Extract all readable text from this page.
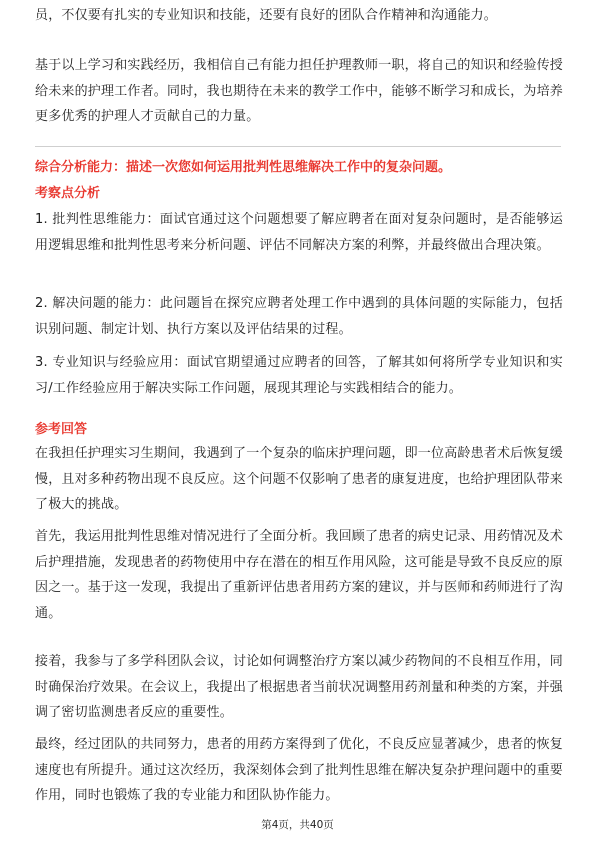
员，不仅要有扎实的专业知识和技能，还要有良好的团队合作精神和沟通能力。

基于以上学习和实践经历，我相信自己有能力担任护理教师一职，将自己的知识和经验传授给未来的护理工作者。同时，我也期待在未来的教学工作中，能够不断学习和成长，为培养更多优秀的护理人才贡献自己的力量。

综合分析能力：描述一次您如何运用批判性思维解决工作中的复杂问题。

考察点分析

1. 批判性思维能力：面试官通过这个问题想要了解应聘者在面对复杂问题时，是否能够运用逻辑思维和批判性思考来分析问题、评估不同解决方案的利弊，并最终做出合理决策。

2. 解决问题的能力：此问题旨在探究应聘者处理工作中遇到的具体问题的实际能力，包括识别问题、制定计划、执行方案以及评估结果的过程。

3. 专业知识与经验应用：面试官期望通过应聘者的回答，了解其如何将所学专业知识和实习/工作经验应用于解决实际工作问题，展现其理论与实践相结合的能力。

参考回答

在我担任护理实习生期间，我遇到了一个复杂的临床护理问题，即一位高龄患者术后恢复缓慢，且对多种药物出现不良反应。这个问题不仅影响了患者的康复进度，也给护理团队带来了极大的挑战。

首先，我运用批判性思维对情况进行了全面分析。我回顾了患者的病史记录、用药情况及术后护理措施，发现患者的药物使用中存在潜在的相互作用风险，这可能是导致不良反应的原因之一。基于这一发现，我提出了重新评估患者用药方案的建议，并与医师和药师进行了沟通。

接着，我参与了多学科团队会议，讨论如何调整治疗方案以减少药物间的不良相互作用，同时确保治疗效果。在会议上，我提出了根据患者当前状况调整用药剂量和种类的方案，并强调了密切监测患者反应的重要性。

最终，经过团队的共同努力，患者的用药方案得到了优化，不良反应显著减少，患者的恢复速度也有所提升。通过这次经历，我深刻体会到了批判性思维在解决复杂护理问题中的重要作用，同时也锻炼了我的专业能力和团队协作能力。

第4页，共40页
